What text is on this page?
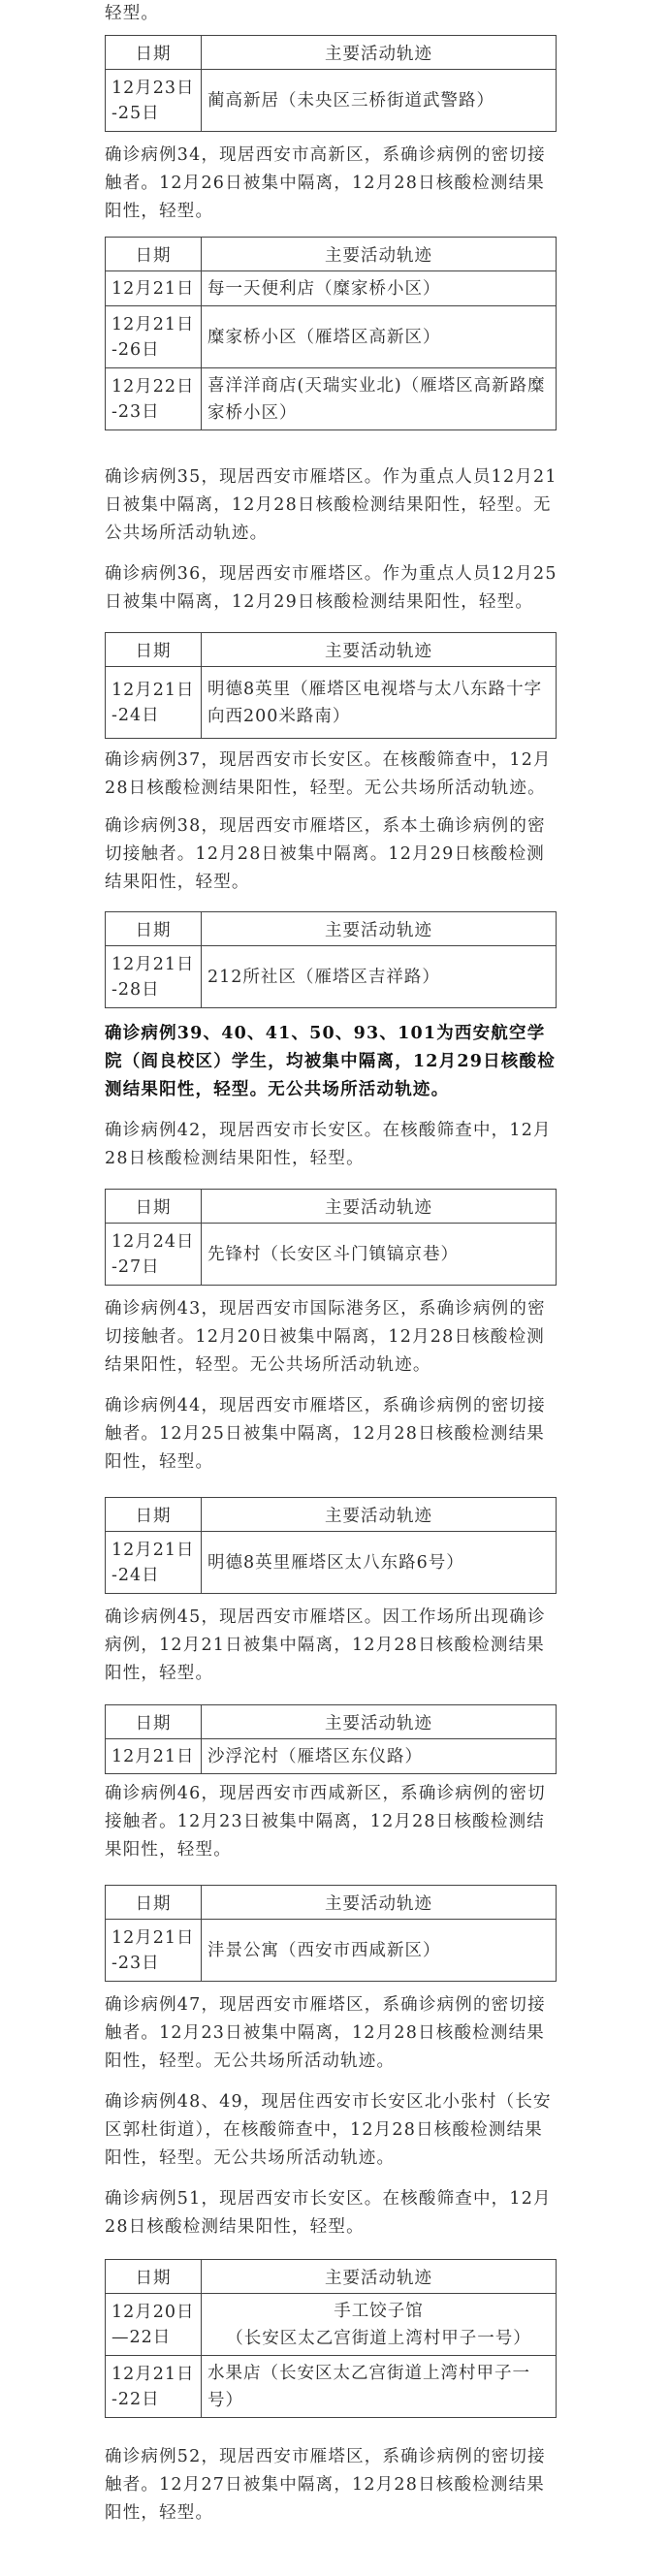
轻型。
日期	主要活动轨迹
12月23日
-25日	蔺高新居（未央区三桥街道武警路）
确诊病例34，现居西安市高新区，系确诊病例的密切接触者。12月26日被集中隔离，12月28日核酸检测结果阳性，轻型。
日期	主要活动轨迹
12月21日	每一天便利店（糜家桥小区）
12月21日
-26日	糜家桥小区（雁塔区高新区）
12月22日
-23日	喜洋洋商店(天瑞实业北)（雁塔区高新路糜家桥小区）
确诊病例35，现居西安市雁塔区。作为重点人员12月21日被集中隔离，12月28日核酸检测结果阳性，轻型。无公共场所活动轨迹。
确诊病例36，现居西安市雁塔区。作为重点人员12月25日被集中隔离，12月29日核酸检测结果阳性，轻型。
日期	主要活动轨迹
12月21日
-24日	明德8英里（雁塔区电视塔与太八东路十字向西200米路南）
确诊病例37，现居西安市长安区。在核酸筛查中，12月28日核酸检测结果阳性，轻型。无公共场所活动轨迹。
确诊病例38，现居西安市雁塔区，系本土确诊病例的密切接触者。12月28日被集中隔离。12月29日核酸检测结果阳性，轻型。
日期	主要活动轨迹
12月21日
-28日	212所社区（雁塔区吉祥路）
确诊病例39、40、41、50、93、101为西安航空学院（阎良校区）学生，均被集中隔离，12月29日核酸检测结果阳性，轻型。无公共场所活动轨迹。
确诊病例42，现居西安市长安区。在核酸筛查中，12月28日核酸检测结果阳性，轻型。
日期	主要活动轨迹
12月24日
-27日	先锋村（长安区斗门镇镐京巷）
确诊病例43，现居西安市国际港务区，系确诊病例的密切接触者。12月20日被集中隔离，12月28日核酸检测结果阳性，轻型。无公共场所活动轨迹。
确诊病例44，现居西安市雁塔区，系确诊病例的密切接触者。12月25日被集中隔离，12月28日核酸检测结果阳性，轻型。
日期	主要活动轨迹
12月21日
-24日	明德8英里雁塔区太八东路6号）
确诊病例45，现居西安市雁塔区。因工作场所出现确诊病例，12月21日被集中隔离，12月28日核酸检测结果阳性，轻型。
日期	主要活动轨迹
12月21日	沙浮沱村（雁塔区东仪路）
确诊病例46，现居西安市西咸新区，系确诊病例的密切接触者。12月23日被集中隔离，12月28日核酸检测结果阳性，轻型。
日期	主要活动轨迹
12月21日
-23日	沣景公寓（西安市西咸新区）
确诊病例47，现居西安市雁塔区，系确诊病例的密切接触者。12月23日被集中隔离，12月28日核酸检测结果阳性，轻型。无公共场所活动轨迹。
确诊病例48、49，现居住西安市长安区北小张村（长安区郭杜街道），在核酸筛查中，12月28日核酸检测结果阳性，轻型。无公共场所活动轨迹。
确诊病例51，现居西安市长安区。在核酸筛查中，12月28日核酸检测结果阳性，轻型。
日期	主要活动轨迹
12月20日
—22日	手工饺子馆
（长安区太乙宫街道上湾村甲子一号）
12月21日
-22日	水果店（长安区太乙宫街道上湾村甲子一号）
确诊病例52，现居西安市雁塔区，系确诊病例的密切接触者。12月27日被集中隔离，12月28日核酸检测结果阳性，轻型。
